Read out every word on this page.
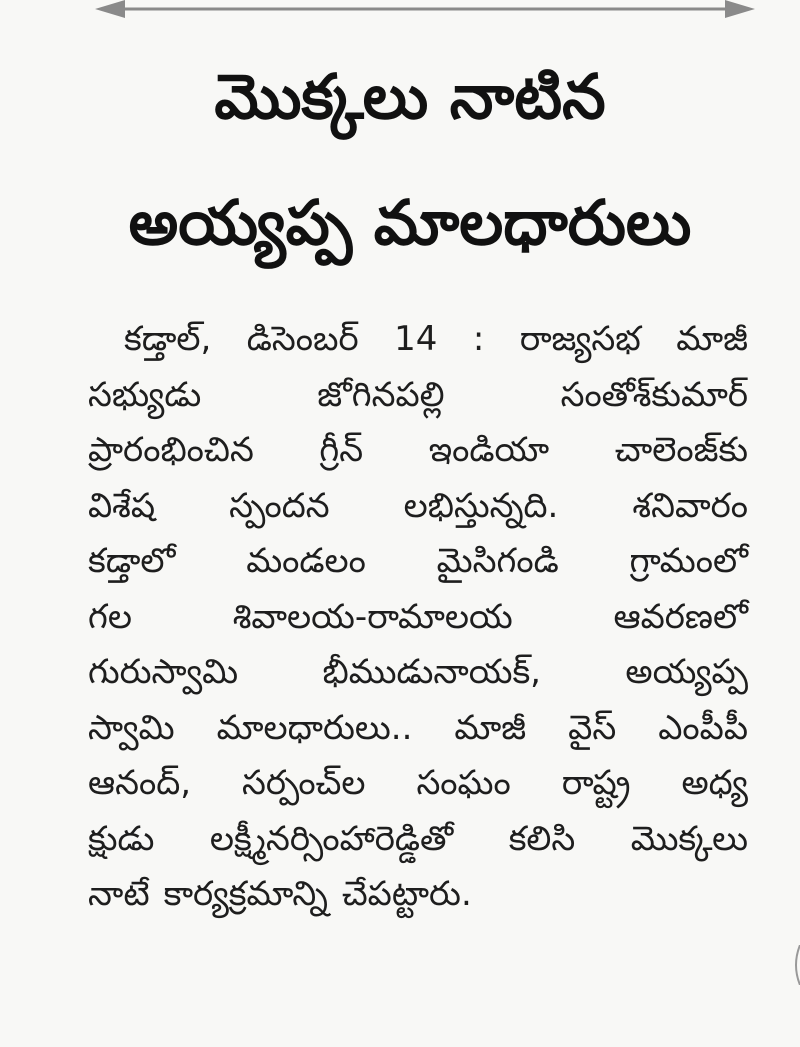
మొక్కలు నాటిన
అయ్యప్ప మాలధారులు
కడ్తాల్, డిసెంబర్ 14 : రాజ్యసభ మాజీ
సభ్యుడు	జోగినపల్లి	సంతోశ్‌కుమార్
ప్రారంభించిన గ్రీన్ ఇండియా చాలెంజ్‌కు
విశేష స్పందన లభిస్తున్నది. శనివారం
కడ్తాలో మండలం మైసిగండి గ్రామంలో
గల	శివాలయ-రామాలయ	ఆవరణలో
గురుస్వామి భీముడునాయక్, అయ్యప్ప
స్వామి మాలధారులు.. మాజీ వైస్ ఎంపీపీ
ఆనంద్, సర్పంచ్‌ల సంఘం రాష్ట్ర అధ్య
క్షుడు లక్ష్మీనర్సింహారెడ్డితో కలిసి మొక్కలు
నాటే కార్యక్రమాన్ని చేపట్టారు.
